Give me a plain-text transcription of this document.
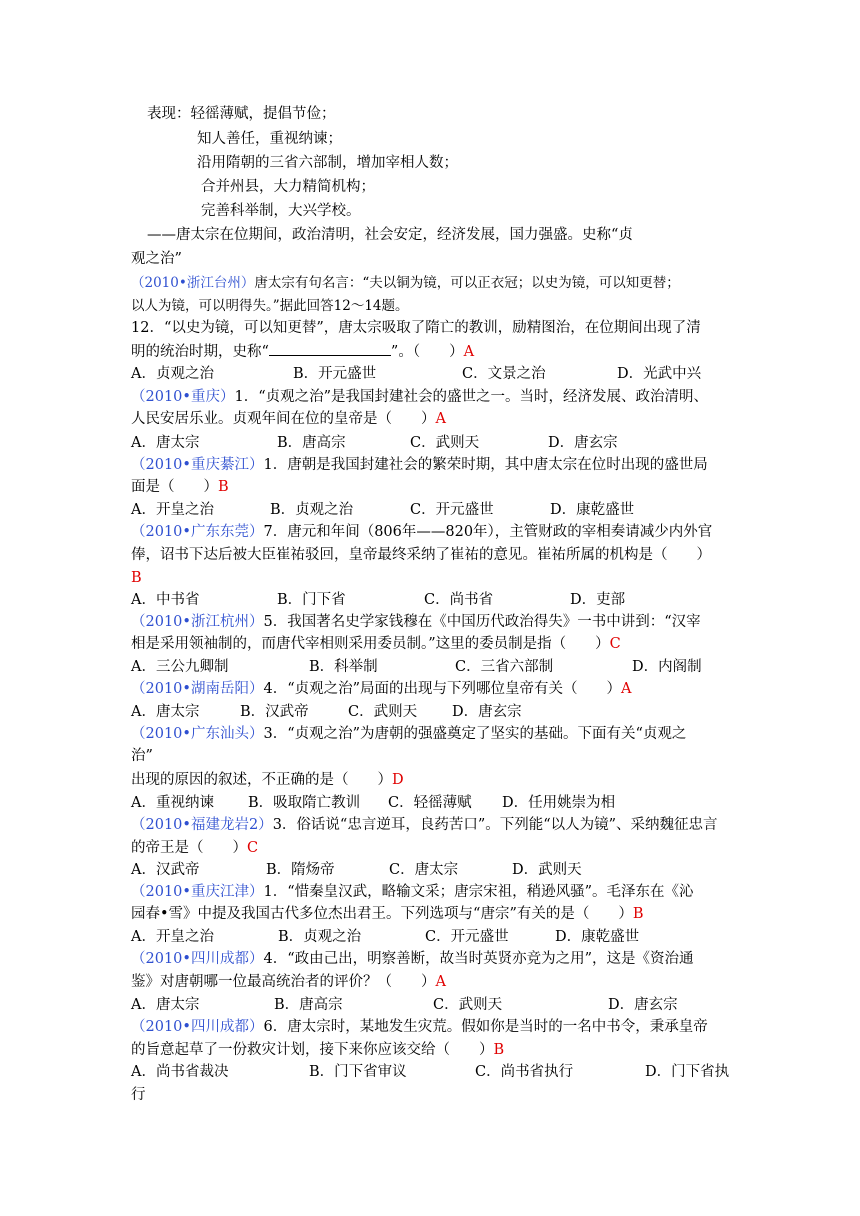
表现：轻徭薄赋，提倡节俭；
知人善任，重视纳谏；
沿用隋朝的三省六部制，增加宰相人数；
合并州县，大力精简机构；
完善科举制，大兴学校。
——唐太宗在位期间，政治清明，社会安定，经济发展，国力强盛。史称“贞
观之治”
（2010•浙江台州）唐太宗有句名言：“夫以铜为镜，可以正衣冠；以史为镜，可以知更替；
以人为镜，可以明得失。”据此回答12～14题。
12．“以史为镜，可以知更替”，唐太宗吸取了隋亡的教训，励精图治，在位期间出现了清
明的统治时期，史称“	”。（　　）A
A．贞观之治	B．开元盛世	C．文景之治	D．光武中兴
（2010•重庆）1．“贞观之治”是我国封建社会的盛世之一。当时，经济发展、政治清明、
人民安居乐业。贞观年间在位的皇帝是（　　）A
A．唐太宗	B．唐高宗	C．武则天	D．唐玄宗
（2010•重庆綦江）1．唐朝是我国封建社会的繁荣时期，其中唐太宗在位时出现的盛世局
面是（　　）B
A．开皇之治	B．贞观之治	C．开元盛世	D．康乾盛世
（2010•广东东莞）7．唐元和年间（806年——820年），主管财政的宰相奏请减少内外官
俸，诏书下达后被大臣崔祐驳回，皇帝最终采纳了崔祐的意见。崔祐所属的机构是（　　）
B
A．中书省	B．门下省	C．尚书省	D．吏部
（2010•浙江杭州）5．我国著名史学家钱穆在《中国历代政治得失》一书中讲到：“汉宰
相是采用领袖制的，而唐代宰相则采用委员制。”这里的委员制是指（　　）C
A．三公九卿制	B．科举制	C．三省六部制	D．内阁制
（2010•湖南岳阳）4．“贞观之治”局面的出现与下列哪位皇帝有关（　　）A
A．唐太宗	B．汉武帝	C．武则天 D．唐玄宗
（2010•广东汕头）3．“贞观之治”为唐朝的强盛奠定了坚实的基础。下面有关“贞观之
治”
出现的原因的叙述，不正确的是（　　）D
A．重视纳谏 B．吸取隋亡教训 C．轻徭薄赋 D．任用姚崇为相
（2010•福建龙岩2）3．俗话说“忠言逆耳，良药苦口”。下列能“以人为镜”、采纳魏征忠言
的帝王是（　　）C
A．汉武帝	B．隋炀帝	C．唐太宗	D．武则天
（2010•重庆江津）1．“惜秦皇汉武，略输文采；唐宗宋祖，稍逊风骚”。毛泽东在《沁
园春•雪》中提及我国古代多位杰出君王。下列选项与“唐宗”有关的是（　　）B
A．开皇之治	B．贞观之治	C．开元盛世	D．康乾盛世
（2010•四川成都）4．“政由己出，明察善断，故当时英贤亦竞为之用”，这是《资治通
鉴》对唐朝哪一位最高统治者的评价？（　　）A
A．唐太宗	B．唐高宗	C．武则天	D．唐玄宗
（2010•四川成都）6．唐太宗时，某地发生灾荒。假如你是当时的一名中书令，秉承皇帝
的旨意起草了一份救灾计划，接下来你应该交给（　　）B
A．尚书省裁决	B．门下省审议	C．尚书省执行	D．门下省执
行
